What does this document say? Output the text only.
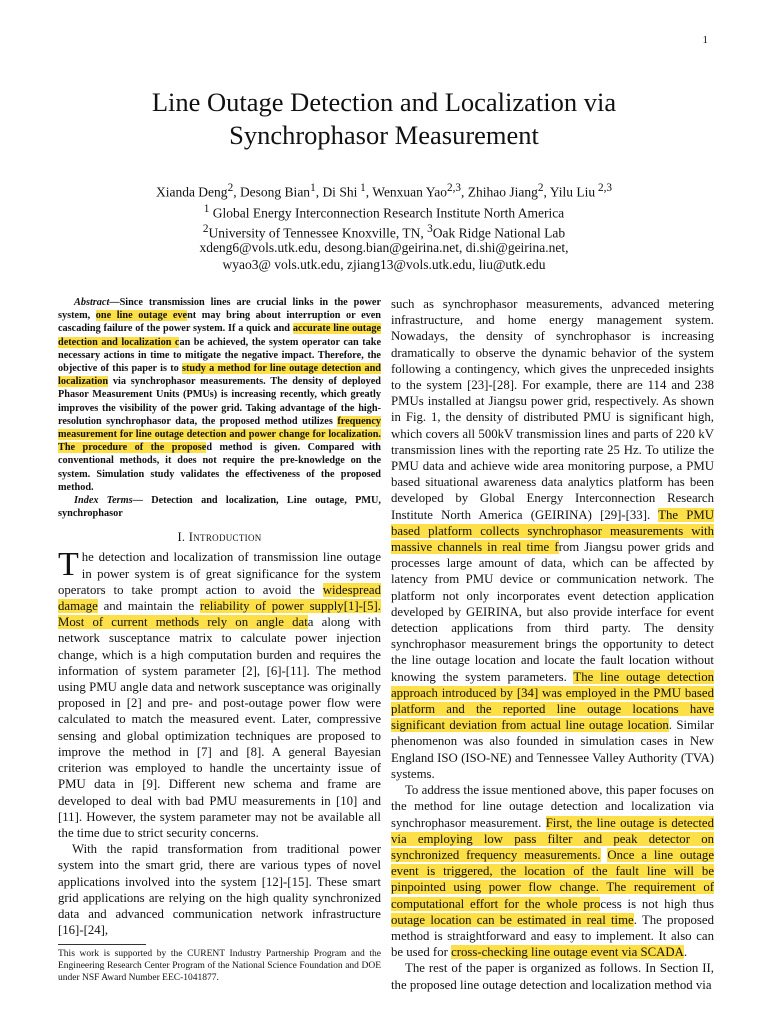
1
Line Outage Detection and Localization via
Synchrophasor Measurement
Xianda Deng$^2$, Desong Bian$^1$, Di Shi $^1$, Wenxuan Yao$^{2,3}$, Zhihao Jiang$^2$, Yilu Liu $^{2,3}$
$^1$ Global Energy Interconnection Research Institute North America
$^2$University of Tennessee Knoxville, TN, $^3$Oak Ridge National Lab
xdeng6@vols.utk.edu, desong.bian@geirina.net, di.shi@geirina.net,
wyao3@ vols.utk.edu, zjiang13@vols.utk.edu, liu@utk.edu

Abstract—Since transmission lines are crucial links in the power system, one line outage event may bring about interruption or even cascading failure of the power system. If a quick and accurate line outage detection and localization can be achieved, the system operator can take necessary actions in time to mitigate the negative impact. Therefore, the objective of this paper is to study a method for line outage detection and localization via synchrophasor measurements. The density of deployed Phasor Measurement Units (PMUs) is increasing recently, which greatly improves the visibility of the power grid. Taking advantage of the high-resolution synchrophasor data, the proposed method utilizes frequency measurement for line outage detection and power change for localization. The procedure of the proposed method is given. Compared with conventional methods, it does not require the pre-knowledge on the system. Simulation study validates the effectiveness of the proposed method.

Index Terms— Detection and localization, Line outage, PMU, synchrophasor

I. Introduction

The detection and localization of transmission line outage in power system is of great significance for the system operators to take prompt action to avoid the widespread damage and maintain the reliability of power supply[1]-[5]. Most of current methods rely on angle data along with network susceptance matrix to calculate power injection change, which is a high computation burden and requires the information of system parameter [2], [6]-[11]. The method using PMU angle data and network susceptance was originally proposed in [2] and pre- and post-outage power flow were calculated to match the measured event. Later, compressive sensing and global optimization techniques are proposed to improve the method in [7] and [8]. A general Bayesian criterion was employed to handle the uncertainty issue of PMU data in [9]. Different new schema and frame are developed to deal with bad PMU measurements in [10] and [11]. However, the system parameter may not be available all the time due to strict security concerns.

With the rapid transformation from traditional power system into the smart grid, there are various types of novel applications involved into the system [12]-[15]. These smart grid applications are relying on the high quality synchronized data and advanced communication network infrastructure [16]-[24],

This work is supported by the CURENT Industry Partnership Program and the Engineering Research Center Program of the National Science Foundation and DOE under NSF Award Number EEC-1041877.

such as synchrophasor measurements, advanced metering infrastructure, and home energy management system. Nowadays, the density of synchrophasor is increasing dramatically to observe the dynamic behavior of the system following a contingency, which gives the unpreceded insights to the system [23]-[28]. For example, there are 114 and 238 PMUs installed at Jiangsu power grid, respectively. As shown in Fig. 1, the density of distributed PMU is significant high, which covers all 500kV transmission lines and parts of 220 kV transmission lines with the reporting rate 25 Hz. To utilize the PMU data and achieve wide area monitoring purpose, a PMU based situational awareness data analytics platform has been developed by Global Energy Interconnection Research Institute North America (GEIRINA) [29]-[33]. The PMU based platform collects synchrophasor measurements with massive channels in real time from Jiangsu power grids and processes large amount of data, which can be affected by latency from PMU device or communication network. The platform not only incorporates event detection application developed by GEIRINA, but also provide interface for event detection applications from third party. The density synchrophasor measurement brings the opportunity to detect the line outage location and locate the fault location without knowing the system parameters. The line outage detection approach introduced by [34] was employed in the PMU based platform and the reported line outage locations have significant deviation from actual line outage location. Similar phenomenon was also founded in simulation cases in New England ISO (ISO-NE) and Tennessee Valley Authority (TVA) systems.

To address the issue mentioned above, this paper focuses on the method for line outage detection and localization via synchrophasor measurement. First, the line outage is detected via employing low pass filter and peak detector on synchronized frequency measurements. Once a line outage event is triggered, the location of the fault line will be pinpointed using power flow change. The requirement of computational effort for the whole process is not high thus outage location can be estimated in real time. The proposed method is straightforward and easy to implement. It also can be used for cross-checking line outage event via SCADA.

The rest of the paper is organized as follows. In Section II, the proposed line outage detection and localization method via
